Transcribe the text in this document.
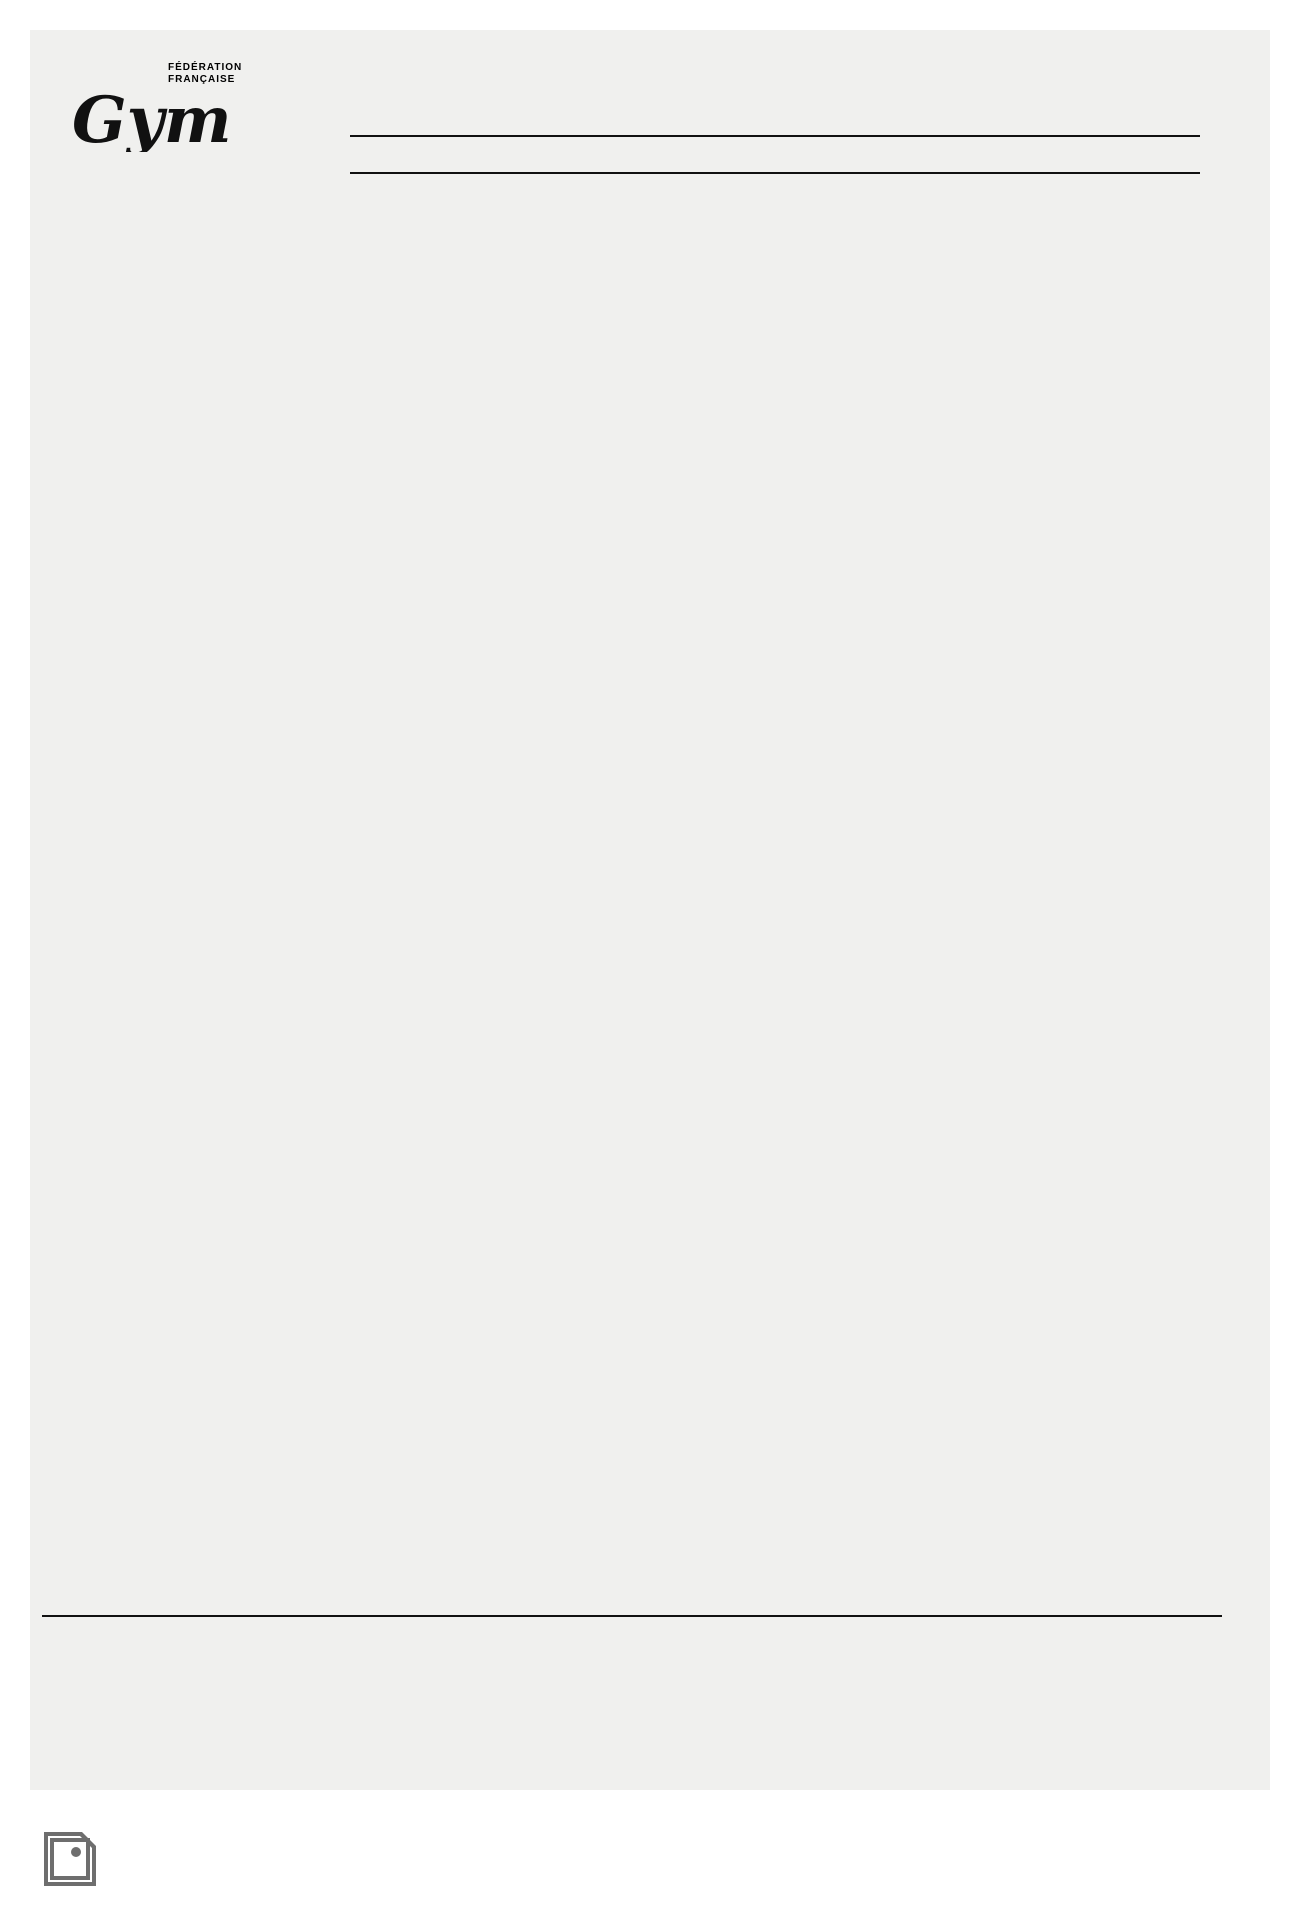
FÉDÉRATION
FRANÇAISE
Gym
